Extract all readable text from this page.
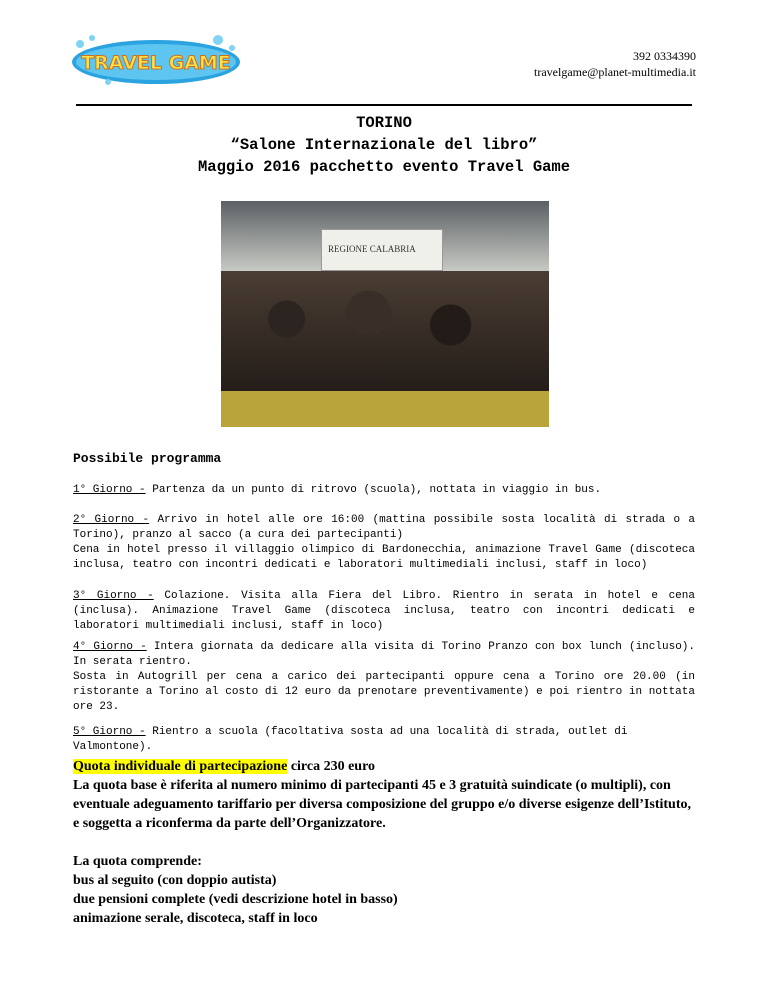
TRAVEL GAME	392 0334390
travelgame@planet-multimedia.it
TORINO
“Salone Internazionale del libro”
Maggio 2016 pacchetto evento Travel Game
REGIONE CALABRIA
Possibile programma
1° Giorno - Partenza da un punto di ritrovo (scuola), nottata in viaggio in bus.
2° Giorno - Arrivo in hotel alle ore 16:00 (mattina possibile sosta località di strada o a Torino), pranzo al sacco (a cura dei partecipanti)
Cena in hotel presso il villaggio olimpico di Bardonecchia, animazione Travel Game (discoteca inclusa, teatro con incontri dedicati e laboratori multimediali inclusi, staff in loco)
3° Giorno - Colazione. Visita alla Fiera del Libro. Rientro in serata in hotel e cena (inclusa). Animazione Travel Game (discoteca inclusa, teatro con incontri dedicati e laboratori multimediali inclusi, staff in loco)
4° Giorno - Intera giornata da dedicare alla visita di Torino Pranzo con box lunch (incluso). In serata rientro.
Sosta in Autogrill per cena a carico dei partecipanti oppure cena a Torino ore 20.00 (in ristorante a Torino al costo di 12 euro da prenotare preventivamente) e poi rientro in nottata ore 23.
5° Giorno - Rientro a scuola (facoltativa sosta ad una località di strada, outlet di Valmontone).
Quota individuale di partecipazione circa 230 euro
La quota base è riferita al numero minimo di partecipanti 45 e 3 gratuità suindicate (o multipli), con eventuale adeguamento tariffario per diversa composizione del gruppo e/o diverse esigenze dell’Istituto, e soggetta a riconferma da parte dell’Organizzatore.
La quota comprende:
bus al seguito (con doppio autista)
due pensioni complete (vedi descrizione hotel in basso)
animazione serale, discoteca, staff in loco
